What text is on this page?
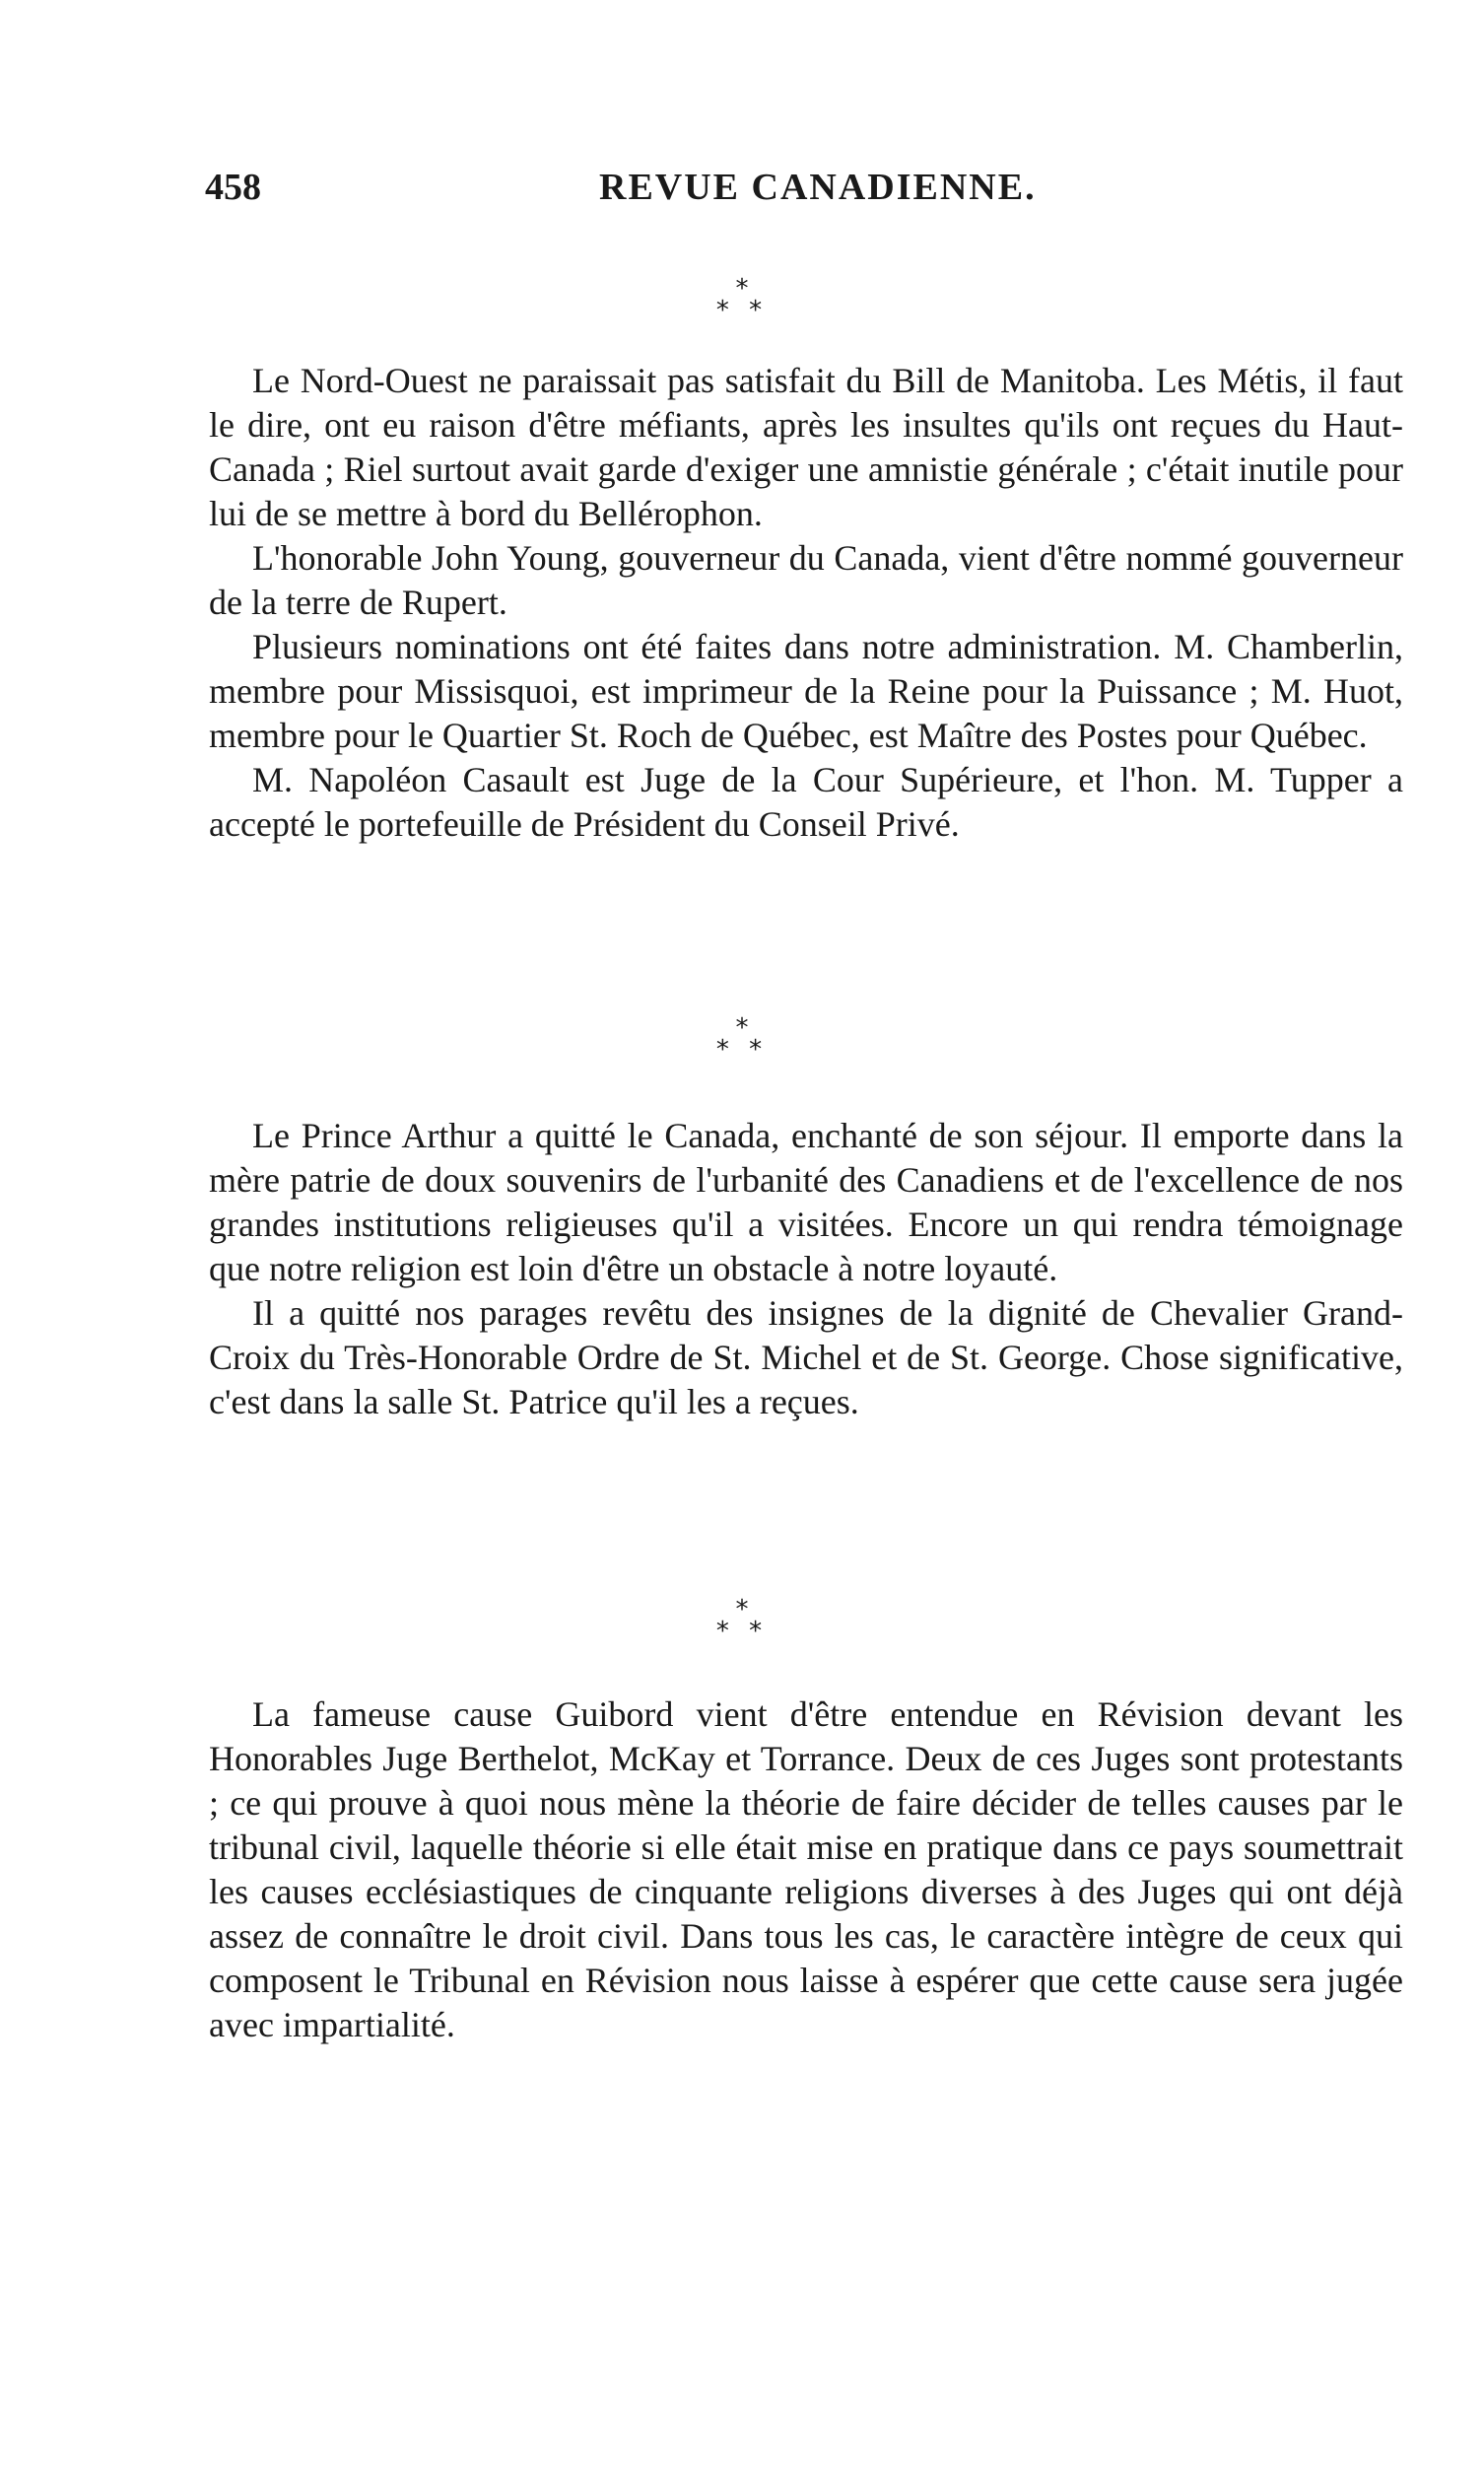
458	REVUE CANADIENNE.
*
* *

Le Nord-Ouest ne paraissait pas satisfait du Bill de Manitoba. Les Métis, il faut le dire, ont eu raison d'être méfiants, après les insultes qu'ils ont reçues du Haut-Canada ; Riel surtout avait garde d'exiger une amnistie générale ; c'était inutile pour lui de se mettre à bord du Bellérophon.

L'honorable John Young, gouverneur du Canada, vient d'être nommé gouverneur de la terre de Rupert.

Plusieurs nominations ont été faites dans notre administration. M. Chamberlin, membre pour Missisquoi, est imprimeur de la Reine pour la Puissance ; M. Huot, membre pour le Quartier St. Roch de Québec, est Maître des Postes pour Québec.

M. Napoléon Casault est Juge de la Cour Supérieure, et l'hon. M. Tupper a accepté le portefeuille de Président du Conseil Privé.

*
* *

Le Prince Arthur a quitté le Canada, enchanté de son séjour. Il emporte dans la mère patrie de doux souvenirs de l'urbanité des Canadiens et de l'excellence de nos grandes institutions religieuses qu'il a visitées. Encore un qui rendra témoignage que notre religion est loin d'être un obstacle à notre loyauté.

Il a quitté nos parages revêtu des insignes de la dignité de Chevalier Grand-Croix du Très-Honorable Ordre de St. Michel et de St. George. Chose significative, c'est dans la salle St. Patrice qu'il les a reçues.

*
* *

La fameuse cause Guibord vient d'être entendue en Révision devant les Honorables Juge Berthelot, McKay et Torrance. Deux de ces Juges sont protestants ; ce qui prouve à quoi nous mène la théorie de faire décider de telles causes par le tribunal civil, laquelle théorie si elle était mise en pratique dans ce pays soumettrait les causes ecclésiastiques de cinquante religions diverses à des Juges qui ont déjà assez de connaître le droit civil. Dans tous les cas, le caractère intègre de ceux qui composent le Tribunal en Révision nous laisse à espérer que cette cause sera jugée avec impartialité.
